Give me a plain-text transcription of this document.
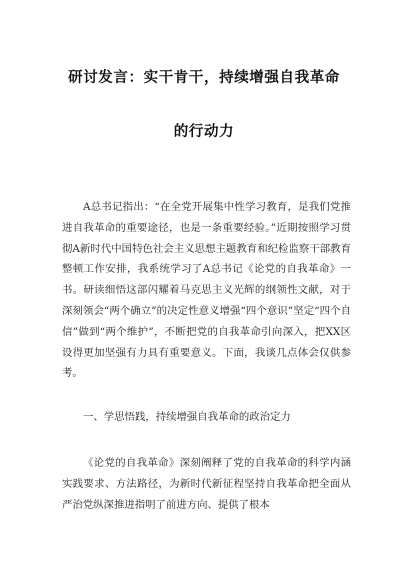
研讨发言：实干肯干，持续增强自我革命
的行动力
A总书记指出：“在全党开展集中性学习教育，是我们党推进自我革命的重要途径，也是一条重要经验。”近期按照学习贯彻A新时代中国特色社会主义思想主题教育和纪检监察干部教育整顿工作安排，我系统学习了A总书记《论党的自我革命》一书。研读细悟这部闪耀着马克思主义光辉的纲领性文献，对于深刻领会“两个确立”的决定性意义增强“四个意识”坚定“四个自信”做到“两个维护”，不断把党的自我革命引向深入，把XX区设得更加坚强有力具有重要意义。下面，我谈几点体会仅供参考。
一、学思悟践，持续增强自我革命的政治定力
《论党的自我革命》深刻阐释了党的自我革命的科学内涵实践要求、方法路径，为新时代新征程坚持自我革命把全面从严治党纵深推进指明了前进方向、提供了根本
